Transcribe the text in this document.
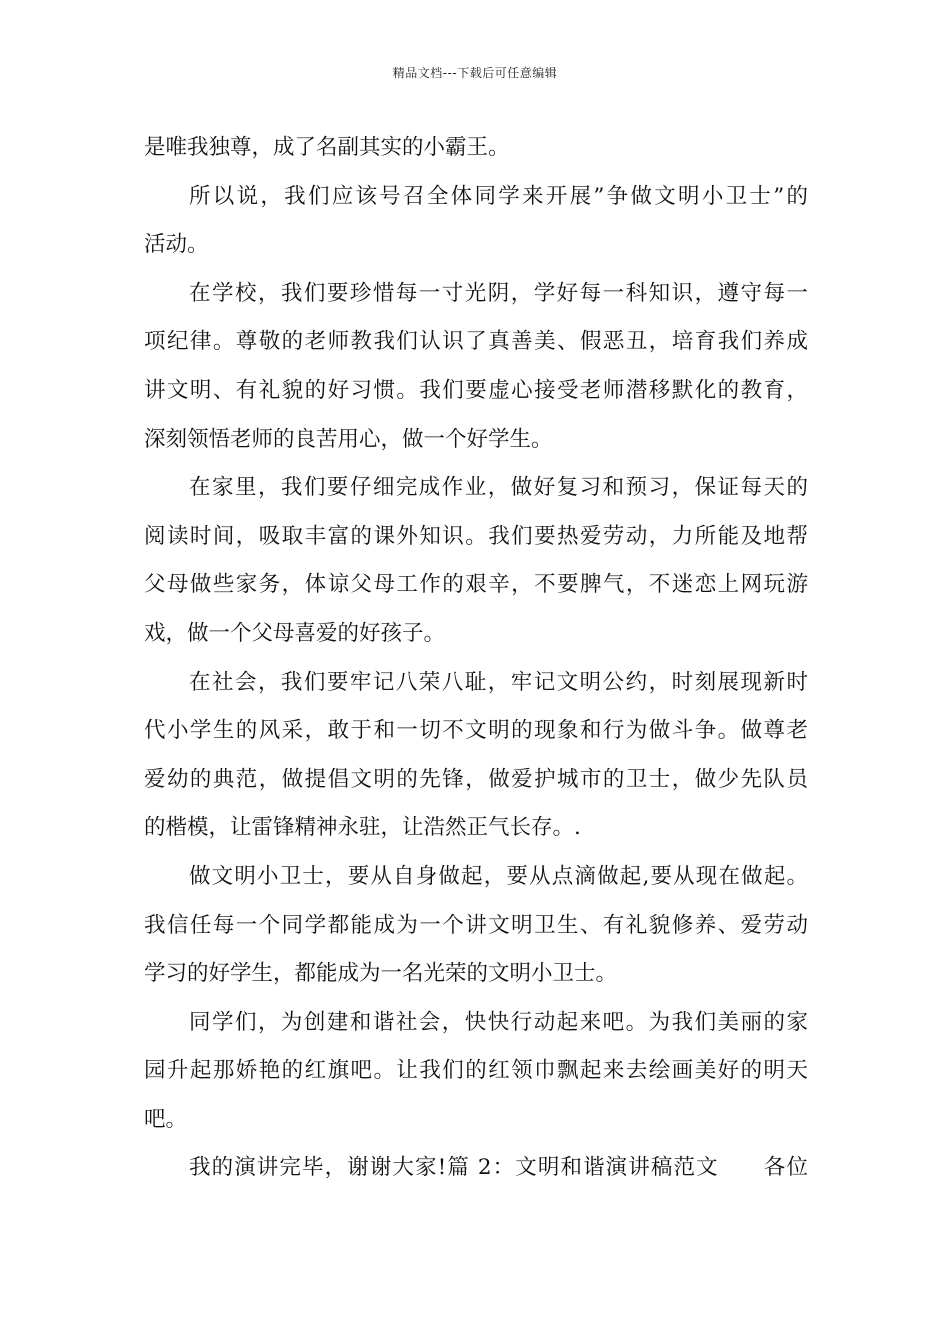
精品文档---下载后可任意编辑
是唯我独尊，成了名副其实的小霸王。
所以说，我们应该号召全体同学来开展”争做文明小卫士”的
活动。
在学校，我们要珍惜每一寸光阴，学好每一科知识，遵守每一
项纪律。尊敬的老师教我们认识了真善美、假恶丑，培育我们养成
讲文明、有礼貌的好习惯。我们要虚心接受老师潜移默化的教育，
深刻领悟老师的良苦用心，做一个好学生。
在家里，我们要仔细完成作业，做好复习和预习，保证每天的
阅读时间，吸取丰富的课外知识。我们要热爱劳动，力所能及地帮
父母做些家务，体谅父母工作的艰辛，不要脾气，不迷恋上网玩游
戏，做一个父母喜爱的好孩子。
在社会，我们要牢记八荣八耻，牢记文明公约，时刻展现新时
代小学生的风采，敢于和一切不文明的现象和行为做斗争。做尊老
爱幼的典范，做提倡文明的先锋，做爱护城市的卫士，做少先队员
的楷模，让雷锋精神永驻，让浩然正气长存。.
做文明小卫士，要从自身做起，要从点滴做起,要从现在做起。
我信任每一个同学都能成为一个讲文明卫生、有礼貌修养、爱劳动
学习的好学生，都能成为一名光荣的文明小卫士。
同学们，为创建和谐社会，快快行动起来吧。为我们美丽的家
园升起那娇艳的红旗吧。让我们的红领巾飘起来去绘画美好的明天
吧。
我的演讲完毕，谢谢大家!篇 2：文明和谐演讲稿范文　　各位
